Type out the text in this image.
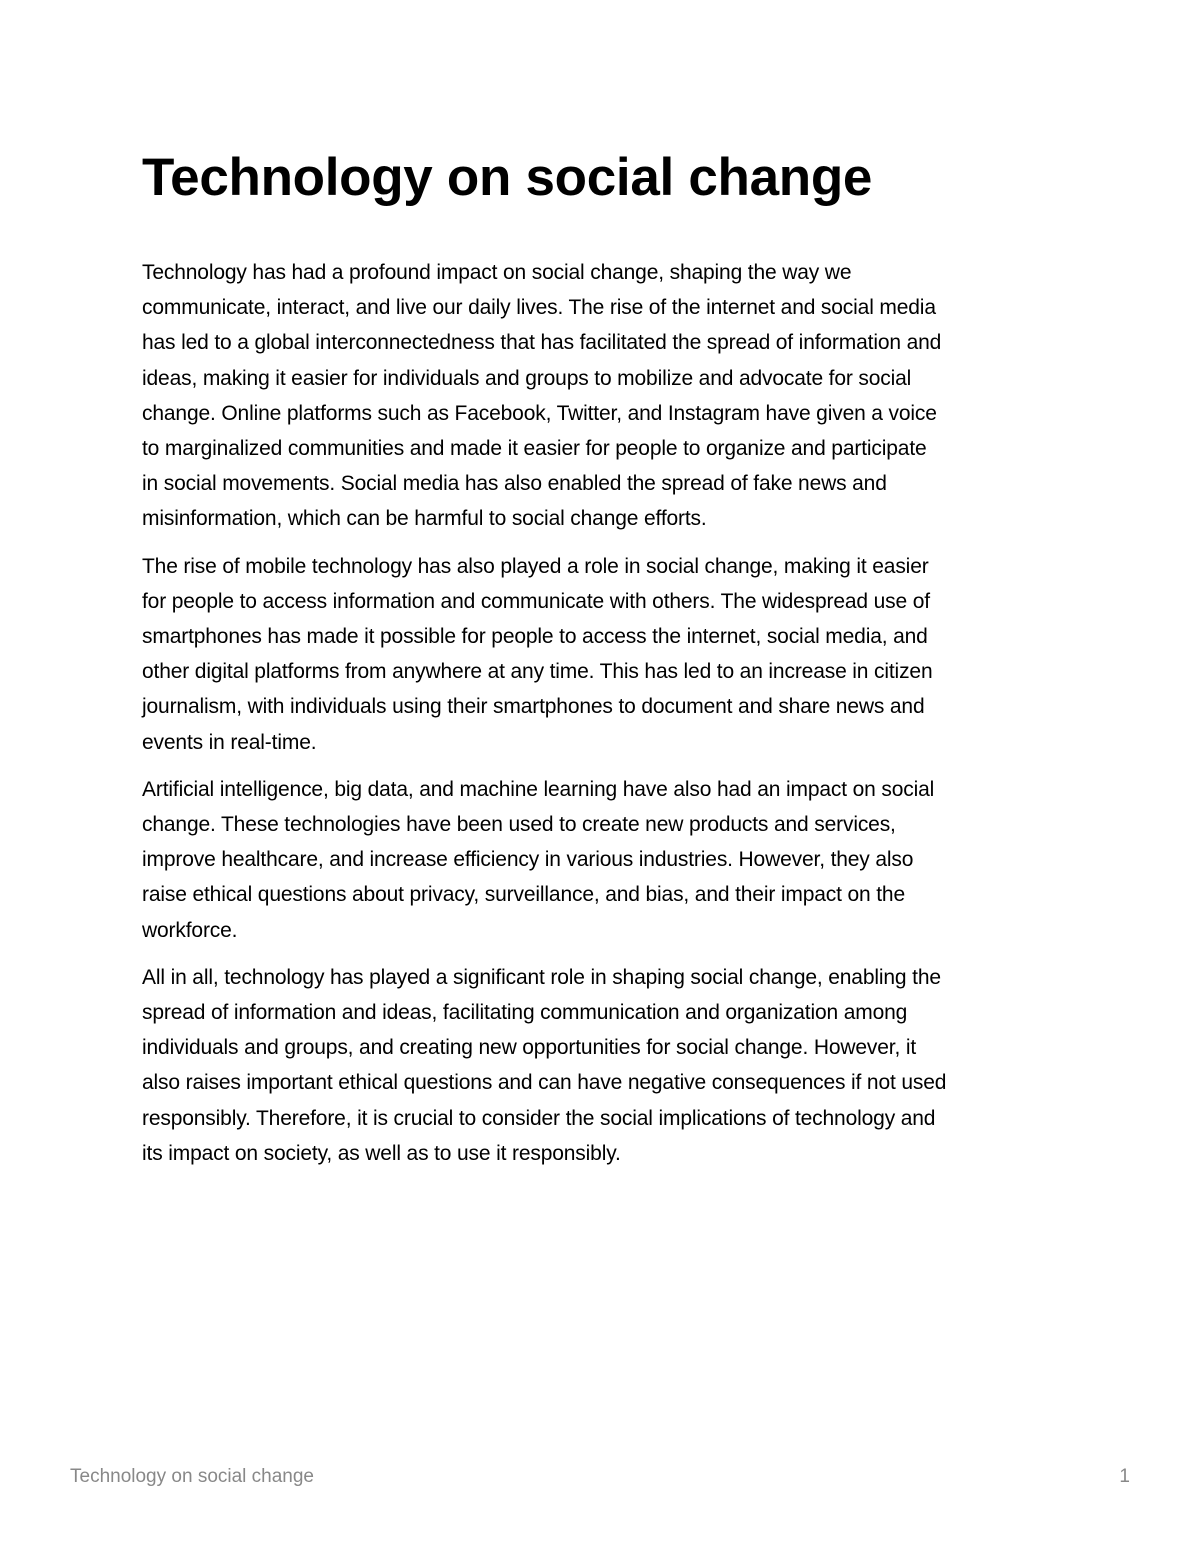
Technology on social change

Technology has had a profound impact on social change, shaping the way we
communicate, interact, and live our daily lives. The rise of the internet and social media
has led to a global interconnectedness that has facilitated the spread of information and
ideas, making it easier for individuals and groups to mobilize and advocate for social
change. Online platforms such as Facebook, Twitter, and Instagram have given a voice
to marginalized communities and made it easier for people to organize and participate
in social movements. Social media has also enabled the spread of fake news and
misinformation, which can be harmful to social change efforts.

The rise of mobile technology has also played a role in social change, making it easier
for people to access information and communicate with others. The widespread use of
smartphones has made it possible for people to access the internet, social media, and
other digital platforms from anywhere at any time. This has led to an increase in citizen
journalism, with individuals using their smartphones to document and share news and
events in real-time.

Artificial intelligence, big data, and machine learning have also had an impact on social
change. These technologies have been used to create new products and services,
improve healthcare, and increase efficiency in various industries. However, they also
raise ethical questions about privacy, surveillance, and bias, and their impact on the
workforce.

All in all, technology has played a significant role in shaping social change, enabling the
spread of information and ideas, facilitating communication and organization among
individuals and groups, and creating new opportunities for social change. However, it
also raises important ethical questions and can have negative consequences if not used
responsibly. Therefore, it is crucial to consider the social implications of technology and
its impact on society, as well as to use it responsibly.

Technology on social change	1
